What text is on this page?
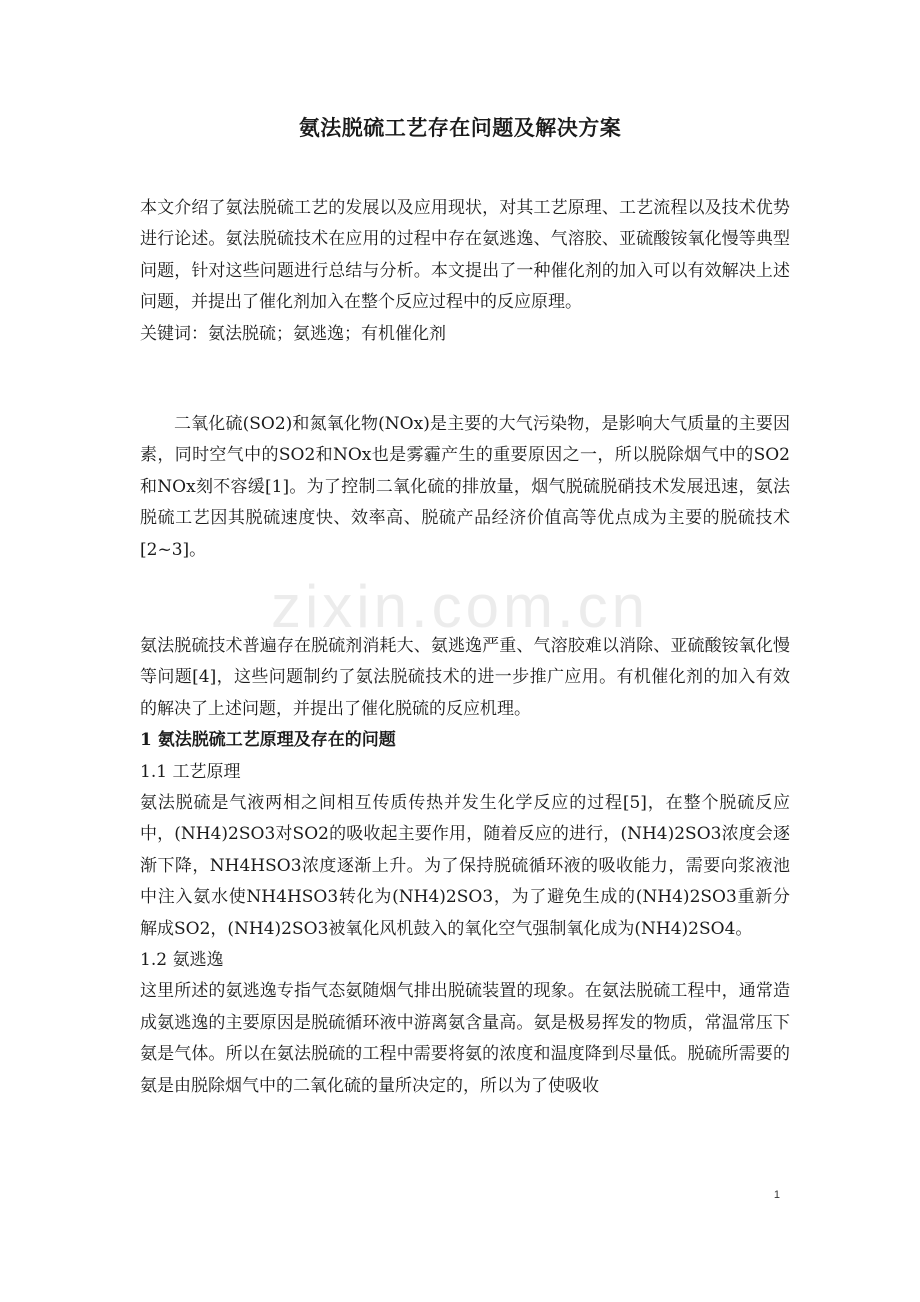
zixin.com.cn
氨法脱硫工艺存在问题及解决方案

本文介绍了氨法脱硫工艺的发展以及应用现状，对其工艺原理、工艺流程以及技术优势进行论述。氨法脱硫技术在应用的过程中存在氨逃逸、气溶胶、亚硫酸铵氧化慢等典型问题，针对这些问题进行总结与分析。本文提出了一种催化剂的加入可以有效解决上述问题，并提出了催化剂加入在整个反应过程中的反应原理。

关键词：氨法脱硫；氨逃逸；有机催化剂

二氧化硫(SO2)和氮氧化物(NOx)是主要的大气污染物，是影响大气质量的主要因素，同时空气中的SO2和NOx也是雾霾产生的重要原因之一，所以脱除烟气中的SO2和NOx刻不容缓[1]。为了控制二氧化硫的排放量，烟气脱硫脱硝技术发展迅速，氨法脱硫工艺因其脱硫速度快、效率高、脱硫产品经济价值高等优点成为主要的脱硫技术[2~3]。

氨法脱硫技术普遍存在脱硫剂消耗大、氨逃逸严重、气溶胶难以消除、亚硫酸铵氧化慢等问题[4]，这些问题制约了氨法脱硫技术的进一步推广应用。有机催化剂的加入有效的解决了上述问题，并提出了催化脱硫的反应机理。

1 氨法脱硫工艺原理及存在的问题

1.1 工艺原理

氨法脱硫是气液两相之间相互传质传热并发生化学反应的过程[5]，在整个脱硫反应中，(NH4)2SO3对SO2的吸收起主要作用，随着反应的进行，(NH4)2SO3浓度会逐渐下降，NH4HSO3浓度逐渐上升。为了保持脱硫循环液的吸收能力，需要向浆液池中注入氨水使NH4HSO3转化为(NH4)2SO3，为了避免生成的(NH4)2SO3重新分解成SO2，(NH4)2SO3被氧化风机鼓入的氧化空气强制氧化成为(NH4)2SO4。

1.2 氨逃逸

这里所述的氨逃逸专指气态氨随烟气排出脱硫装置的现象。在氨法脱硫工程中，通常造成氨逃逸的主要原因是脱硫循环液中游离氨含量高。氨是极易挥发的物质，常温常压下氨是气体。所以在氨法脱硫的工程中需要将氨的浓度和温度降到尽量低。脱硫所需要的氨是由脱除烟气中的二氧化硫的量所决定的，所以为了使吸收

1
